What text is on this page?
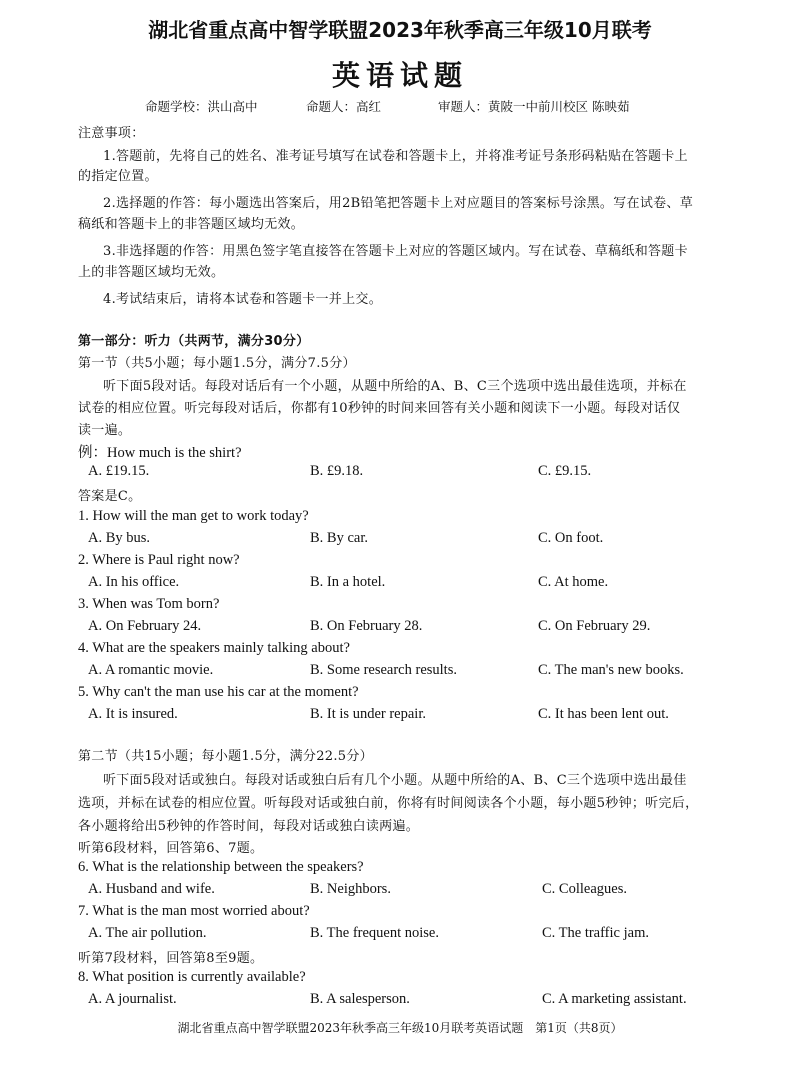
湖北省重点高中智学联盟2023年秋季高三年级10月联考
英语试题
命题学校：洪山高中	命题人：高红	审题人：黄陂一中前川校区 陈映茹
注意事项：
1.答题前，先将自己的姓名、准考证号填写在试卷和答题卡上，并将准考证号条形码粘贴在答题卡上
的指定位置。
2.选择题的作答：每小题选出答案后，用2B铅笔把答题卡上对应题目的答案标号涂黑。写在试卷、草
稿纸和答题卡上的非答题区域均无效。
3.非选择题的作答：用黑色签字笔直接答在答题卡上对应的答题区域内。写在试卷、草稿纸和答题卡
上的非答题区域均无效。
4.考试结束后，请将本试卷和答题卡一并上交。
第一部分：听力（共两节，满分30分）
第一节（共5小题；每小题1.5分，满分7.5分）
听下面5段对话。每段对话后有一个小题，从题中所给的A、B、C三个选项中选出最佳选项，并标在
试卷的相应位置。听完每段对话后，你都有10秒钟的时间来回答有关小题和阅读下一小题。每段对话仅
读一遍。
例：How much is the shirt?
A. £19.15.	B. £9.18.	C. £9.15.
答案是C。
1. How will the man get to work today?
A. By bus.	B. By car.	C. On foot.
2. Where is Paul right now?
A. In his office.	B. In a hotel.	C. At home.
3. When was Tom born?
A. On February 24.	B. On February 28.	C. On February 29.
4. What are the speakers mainly talking about?
A. A romantic movie.	B. Some research results.	C. The man's new books.
5. Why can't the man use his car at the moment?
A. It is insured.	B. It is under repair.	C. It has been lent out.
第二节（共15小题；每小题1.5分，满分22.5分）
听下面5段对话或独白。每段对话或独白后有几个小题。从题中所给的A、B、C三个选项中选出最佳
选项，并标在试卷的相应位置。听每段对话或独白前，你将有时间阅读各个小题，每小题5秒钟；听完后，
各小题将给出5秒钟的作答时间，每段对话或独白读两遍。
听第6段材料，回答第6、7题。
6. What is the relationship between the speakers?
A. Husband and wife.	B. Neighbors.	C. Colleagues.
7. What is the man most worried about?
A. The air pollution.	B. The frequent noise.	C. The traffic jam.
听第7段材料，回答第8至9题。
8. What position is currently available?
A. A journalist.	B. A salesperson.	C. A marketing assistant.
湖北省重点高中智学联盟2023年秋季高三年级10月联考英语试题　第1页（共8页）
